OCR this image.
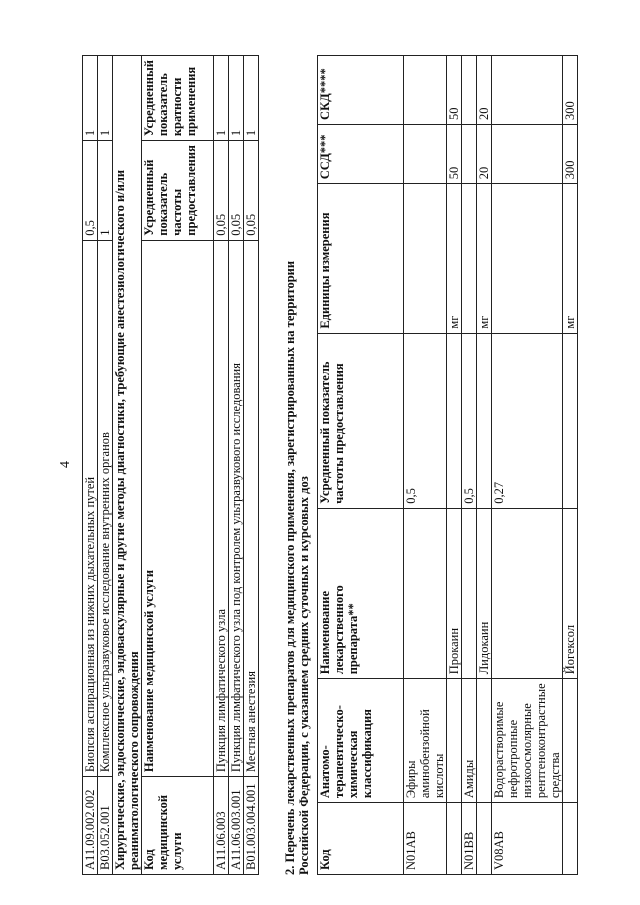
4
A11.09.002.002	Биопсия аспирационная из нижних дыхательных путей	0,5	1
B03.052.001	Комплексное ультразвуковое исследование внутренних органов	1	1
Хирургические, эндоскопические, эндоваскулярные и другие методы диагностики, требующие анестезиологического и/или реаниматологического сопровождения			
Код медицинской услуги	Наименование медицинской услуги	Усредненный показатель частоты предоставления	Усредненный показатель кратности применения
A11.06.003	Пункция лимфатического узла	0,05	1
A11.06.003.001	Пункция лимфатического узла под контролем ультразвукового исследования	0,05	1
B01.003.004.001	Местная анестезия	0,05	1
2. Перечень лекарственных препаратов для медицинского применения, зарегистрированных на территории Российской Федерации, с указанием средних суточных и курсовых доз Код	Анатомо-терапевтическо-химическая классификация	Наименование лекарственного препарата**	Усредненный показатель частоты предоставления	Единицы измерения	ССД***	СКД****
N01AB	Эфиры аминобензойной кислоты		0,5			
		Прокаин		мг	50	50
N01BB	Амиды		0,5			
		Лидокаин		мг	20	20
V08AB	Водорастворимые нефротропные низкоосмолярные рентгеноконтрастные средства		0,27			
		Йогексол		мг	300	300
